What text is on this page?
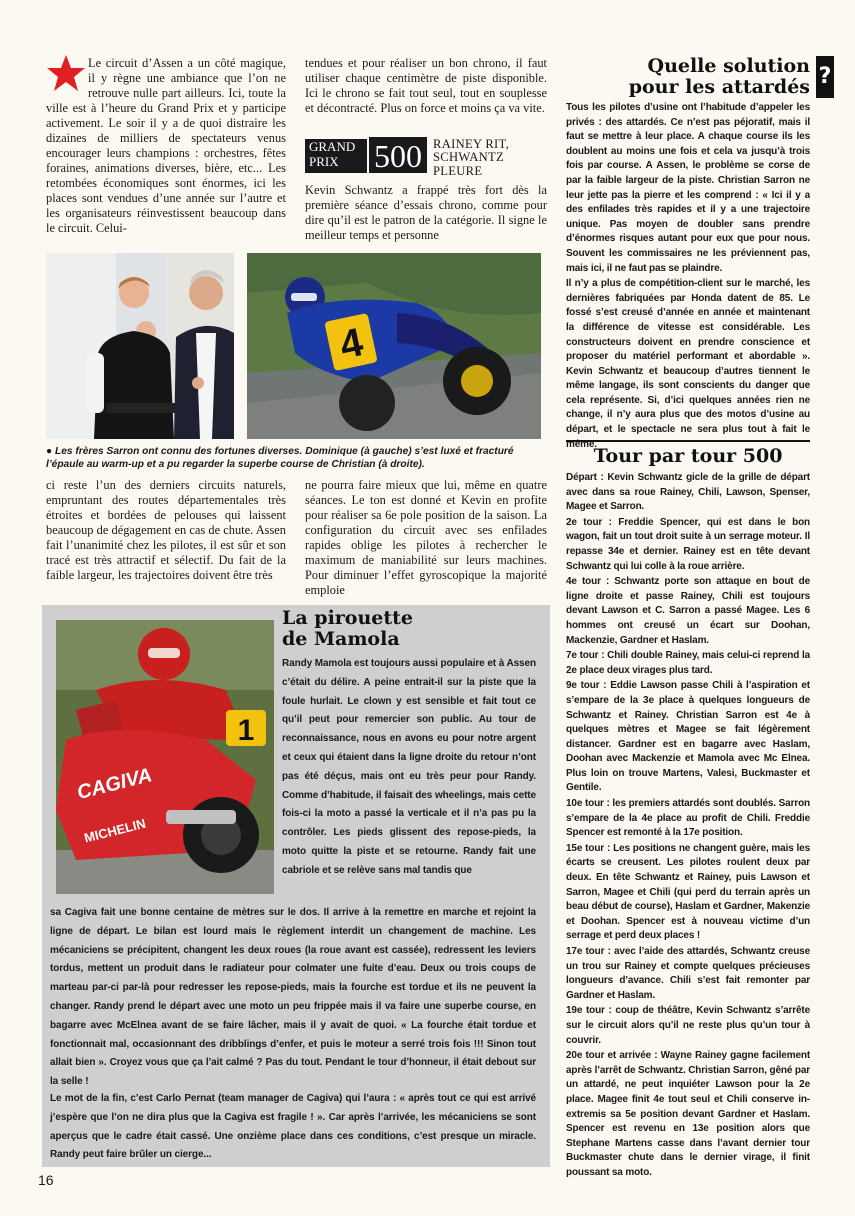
Le circuit d’Assen a un côté magique, il y règne une ambiance que l’on ne retrouve nulle part ailleurs. Ici, toute la ville est à l’heure du Grand Prix et y participe activement. Le soir il y a de quoi distraire les dizaines de milliers de spectateurs venus encourager leurs champions : orchestres, fêtes foraines, animations diverses, bière, etc... Les retombées économiques sont énormes, ici les places sont vendues d’une année sur l’autre et les organisateurs réinvestissent beaucoup dans le circuit. Celui-
tendues et pour réaliser un bon chrono, il faut utiliser chaque centimètre de piste disponible. Ici le chrono se fait tout seul, tout en souplesse et décontracté. Plus on force et moins ça va vite.
GRAND
PRIX	500 RAINEY RIT,
SCHWANTZ
PLEURE
Kevin Schwantz a frappé très fort dès la première séance d’essais chrono, comme pour dire qu’il est le patron de la catégorie. Il signe le meilleur temps et personne
4
● Les frères Sarron ont connu des fortunes diverses. Dominique (à gauche) s’est luxé et fracturé l’épaule au warm-up et a pu regarder la superbe course de Christian (à droite).
ci reste l’un des derniers circuits naturels, empruntant des routes départementales très étroites et bordées de pelouses qui laissent beaucoup de dégagement en cas de chute. Assen fait l’unanimité chez les pilotes, il est sûr et son tracé est très attractif et sélectif. Du fait de la faible largeur, les trajectoires doivent être très
ne pourra faire mieux que lui, même en quatre séances. Le ton est donné et Kevin en profite pour réaliser sa 6e pole position de la saison. La configuration du circuit avec ses enfilades rapides oblige les pilotes à rechercher le maximum de maniabilité sur leurs machines. Pour diminuer l’effet gyroscopique la majorité emploie
Quelle solution ?
pour les attardés

Tous les pilotes d’usine ont l’habitude d’appeler les privés : des attardés. Ce n’est pas péjoratif, mais il faut se mettre à leur place. A chaque course ils les doublent au moins une fois et cela va jusqu’à trois fois par course. A Assen, le problème se corse de par la faible largeur de la piste. Christian Sarron ne leur jette pas la pierre et les comprend : « Ici il y a des enfilades très rapides et il y a une trajectoire unique. Pas moyen de doubler sans prendre d’énormes risques autant pour eux que pour nous. Souvent les commissaires ne les préviennent pas, mais ici, il ne faut pas se plaindre.

Il n’y a plus de compétition-client sur le marché, les dernières fabriquées par Honda datent de 85. Le fossé s’est creusé d’année en année et maintenant la différence de vitesse est considérable. Les constructeurs doivent en prendre conscience et proposer du matériel performant et abordable ». Kevin Schwantz et beaucoup d’autres tiennent le même langage, ils sont conscients du danger que cela représente. Si, d’ici quelques années rien ne change, il n’y aura plus que des motos d’usine au départ, et le spectacle ne sera plus tout à fait le même.

Tour par tour 500

Départ : Kevin Schwantz gicle de la grille de départ avec dans sa roue Rainey, Chili, Lawson, Spenser, Magee et Sarron.

2e tour : Freddie Spencer, qui est dans le bon wagon, fait un tout droit suite à un serrage moteur. Il repasse 34e et dernier. Rainey est en tête devant Schwantz qui lui colle à la roue arrière.

4e tour : Schwantz porte son attaque en bout de ligne droite et passe Rainey, Chili est toujours devant Lawson et C. Sarron a passé Magee. Les 6 hommes ont creusé un écart sur Doohan, Mackenzie, Gardner et Haslam.

7e tour : Chili double Rainey, mais celui-ci reprend la 2e place deux virages plus tard.

9e tour : Eddie Lawson passe Chili à l’aspiration et s’empare de la 3e place à quelques longueurs de Schwantz et Rainey. Christian Sarron est 4e à quelques mètres et Magee se fait légèrement distancer. Gardner est en bagarre avec Haslam, Doohan avec Mackenzie et Mamola avec Mc Elnea. Plus loin on trouve Martens, Valesi, Buckmaster et Gentile.

10e tour : les premiers attardés sont doublés. Sarron s’empare de la 4e place au profit de Chili. Freddie Spencer est remonté à la 17e position.

15e tour : Les positions ne changent guère, mais les écarts se creusent. Les pilotes roulent deux par deux. En tête Schwantz et Rainey, puis Lawson et Sarron, Magee et Chili (qui perd du terrain après un beau début de course), Haslam et Gardner, Makenzie et Doohan. Spencer est à nouveau victime d’un serrage et perd deux places !

17e tour : avec l’aide des attardés, Schwantz creuse un trou sur Rainey et compte quelques précieuses longueurs d’avance. Chili s’est fait remonter par Gardner et Haslam.

19e tour : coup de théâtre, Kevin Schwantz s’arrête sur le circuit alors qu’il ne reste plus qu’un tour à couvrir.

20e tour et arrivée : Wayne Rainey gagne facilement après l’arrêt de Schwantz. Christian Sarron, gêné par un attardé, ne peut inquiéter Lawson pour la 2e place. Magee finit 4e tout seul et Chili conserve in-extremis sa 5e position devant Gardner et Haslam. Spencer est revenu en 13e position alors que Stephane Martens casse dans l’avant dernier tour Buckmaster chute dans le dernier virage, il finit poussant sa moto.

1
CAGIVA
MICHELIN
La pirouette
de Mamola
Randy Mamola est toujours aussi populaire et à Assen c’était du délire. A peine entrait-il sur la piste que la foule hurlait. Le clown y est sensible et fait tout ce qu’il peut pour remercier son public. Au tour de reconnaissance, nous en avons eu pour notre argent et ceux qui étaient dans la ligne droite du retour n’ont pas été déçus, mais ont eu très peur pour Randy. Comme d’habitude, il faisait des wheelings, mais cette fois-ci la moto a passé la verticale et il n’a pas pu la contrôler. Les pieds glissent des repose-pieds, la moto quitte la piste et se retourne. Randy fait une cabriole et se relève sans mal tandis que
sa Cagiva fait une bonne centaine de mètres sur le dos. Il arrive à la remettre en marche et rejoint la ligne de départ. Le bilan est lourd mais le règlement interdit un changement de machine. Les mécaniciens se précipitent, changent les deux roues (la roue avant est cassée), redressent les leviers tordus, mettent un produit dans le radiateur pour colmater une fuite d’eau. Deux ou trois coups de marteau par-ci par-là pour redresser les repose-pieds, mais la fourche est tordue et ils ne peuvent la changer. Randy prend le départ avec une moto un peu frippée mais il va faire une superbe course, en bagarre avec McElnea avant de se faire lâcher, mais il y avait de quoi. « La fourche était tordue et fonctionnait mal, occasionnant des dribblings d’enfer, et puis le moteur a serré trois fois !!! Sinon tout allait bien ». Croyez vous que ça l’ait calmé ? Pas du tout. Pendant le tour d’honneur, il était debout sur la selle !
Le mot de la fin, c’est Carlo Pernat (team manager de Cagiva) qui l’aura : « après tout ce qui est arrivé j’espère que l’on ne dira plus que la Cagiva est fragile ! ». Car après l’arrivée, les mécaniciens se sont aperçus que le cadre était cassé. Une onzième place dans ces conditions, c’est presque un miracle. Randy peut faire brûler un cierge...
16
